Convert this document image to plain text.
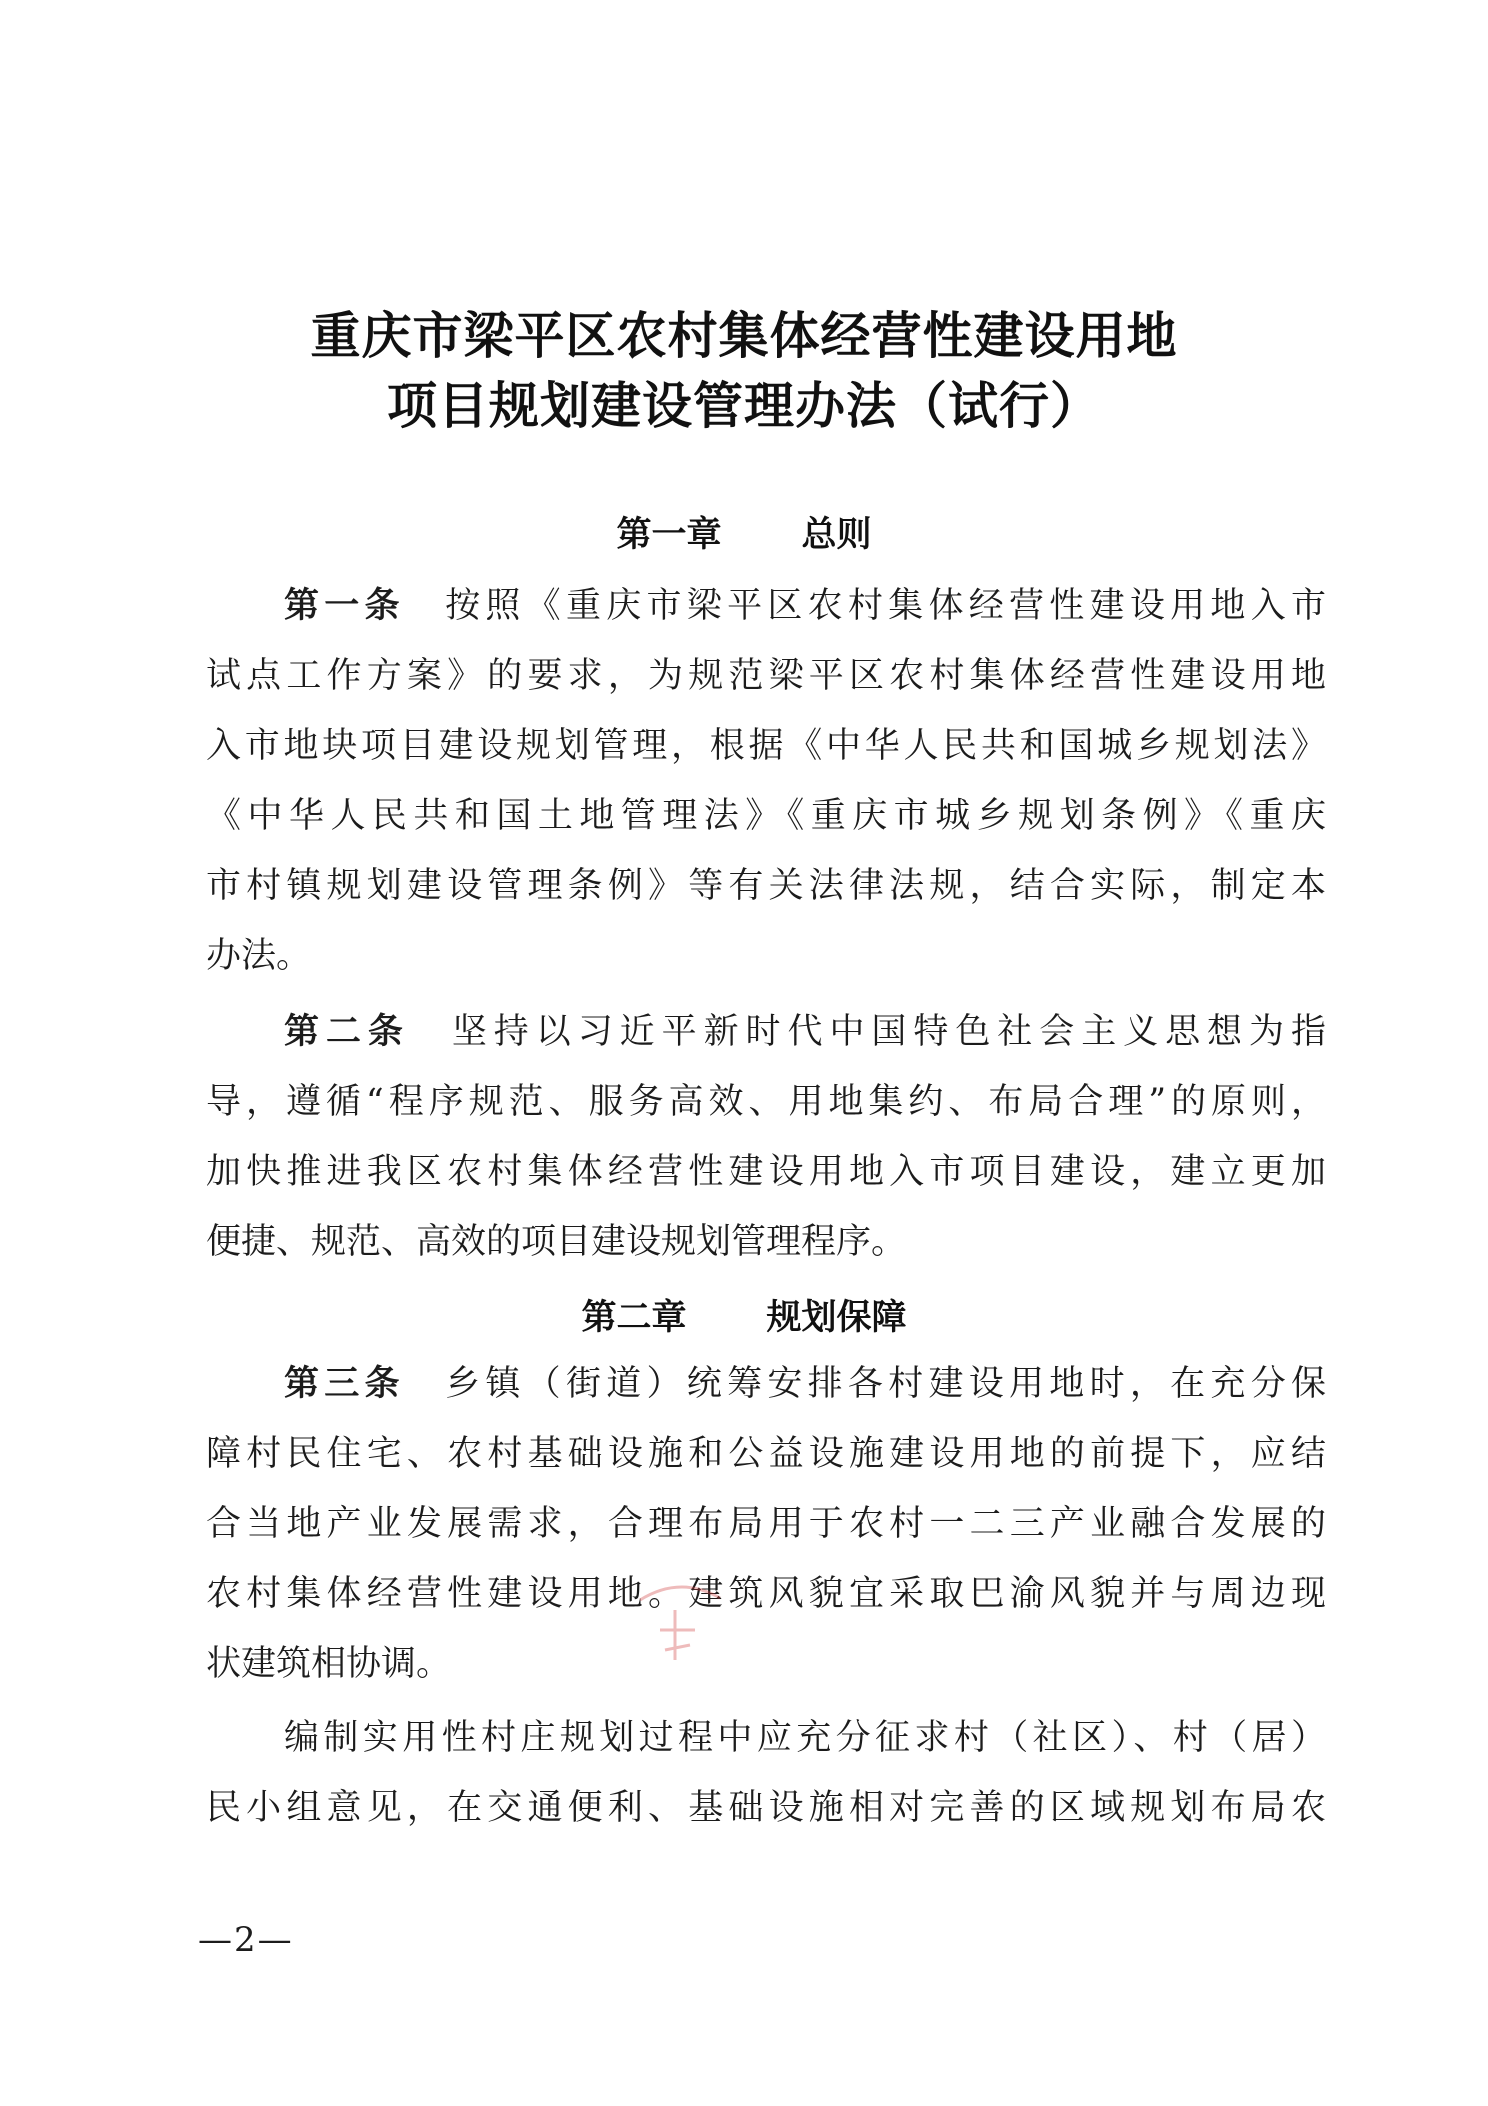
重庆市梁平区农村集体经营性建设用地
项目规划建设管理办法（试行）
第一章 总则
第一条　 按照《重庆市梁平区农村集体经营性建设用地入市
试点工作方案》的要求，为规范梁平区农村集体经营性建设用地
入市地块项目建设规划管理，根据《中华人民共和国城乡规划法》
《中华人民共和国土地管理法》《重庆市城乡规划条例》《重庆
市村镇规划建设管理条例》等有关法律法规，结合实际，制定本
办法。
第二条　 坚持以习近平新时代中国特色社会主义思想为指
导，遵循“程序规范、服务高效、用地集约、布局合理”的原则，
加快推进我区农村集体经营性建设用地入市项目建设，建立更加
便捷、规范、高效的项目建设规划管理程序。
第二章 规划保障
第三条　 乡镇（街道）统筹安排各村建设用地时，在充分保
障村民住宅、农村基础设施和公益设施建设用地的前提下，应结
合当地产业发展需求，合理布局用于农村一二三产业融合发展的
农村集体经营性建设用地。建筑风貌宜采取巴渝风貌并与周边现
状建筑相协调。
编制实用性村庄规划过程中应充分征求村（社区）、村（居）
民小组意见，在交通便利、基础设施相对完善的区域规划布局农
—2—
